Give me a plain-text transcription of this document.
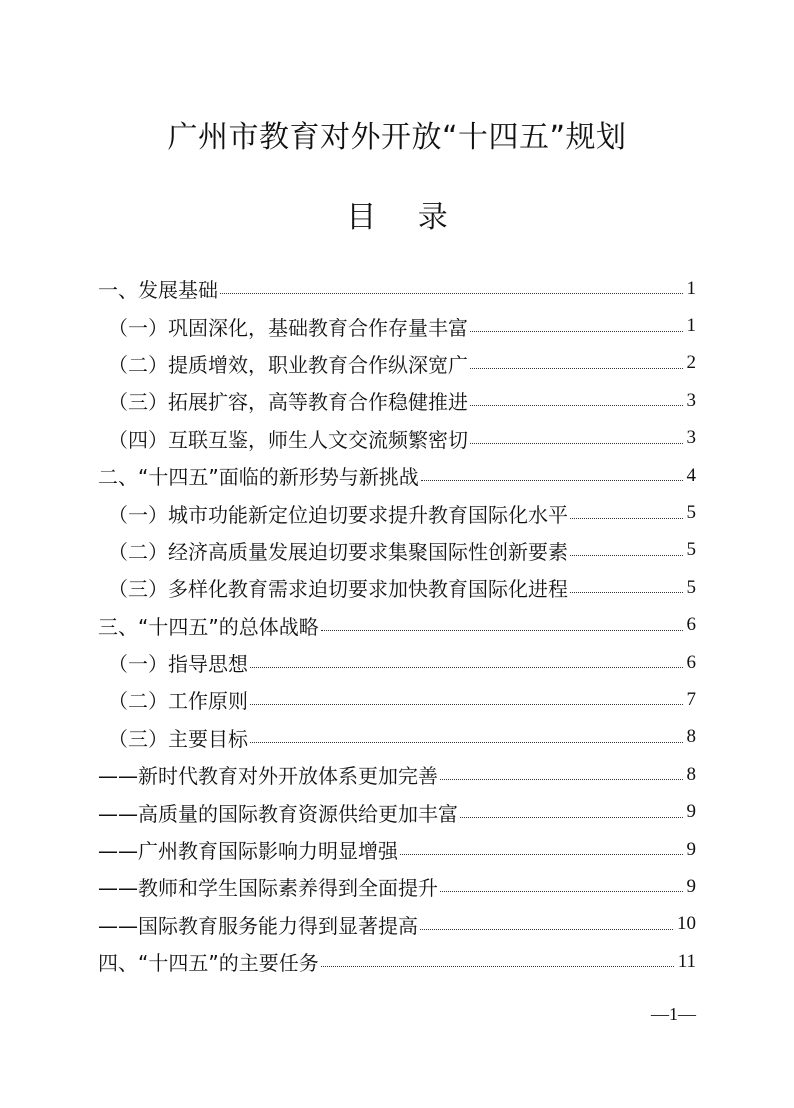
广州市教育对外开放“十四五”规划
目 录
一、发展基础	1
（一）巩固深化，基础教育合作存量丰富	1
（二）提质增效，职业教育合作纵深宽广	2
（三）拓展扩容，高等教育合作稳健推进	3
（四）互联互鉴，师生人文交流频繁密切	3
二、“十四五”面临的新形势与新挑战	4
（一）城市功能新定位迫切要求提升教育国际化水平	5
（二）经济高质量发展迫切要求集聚国际性创新要素	5
（三）多样化教育需求迫切要求加快教育国际化进程	5
三、“十四五”的总体战略	6
（一）指导思想	6
（二）工作原则	7
（三）主要目标	8
——新时代教育对外开放体系更加完善	8
——高质量的国际教育资源供给更加丰富	9
——广州教育国际影响力明显增强	9
——教师和学生国际素养得到全面提升	9
——国际教育服务能力得到显著提高	10
四、“十四五”的主要任务	11
—1—
